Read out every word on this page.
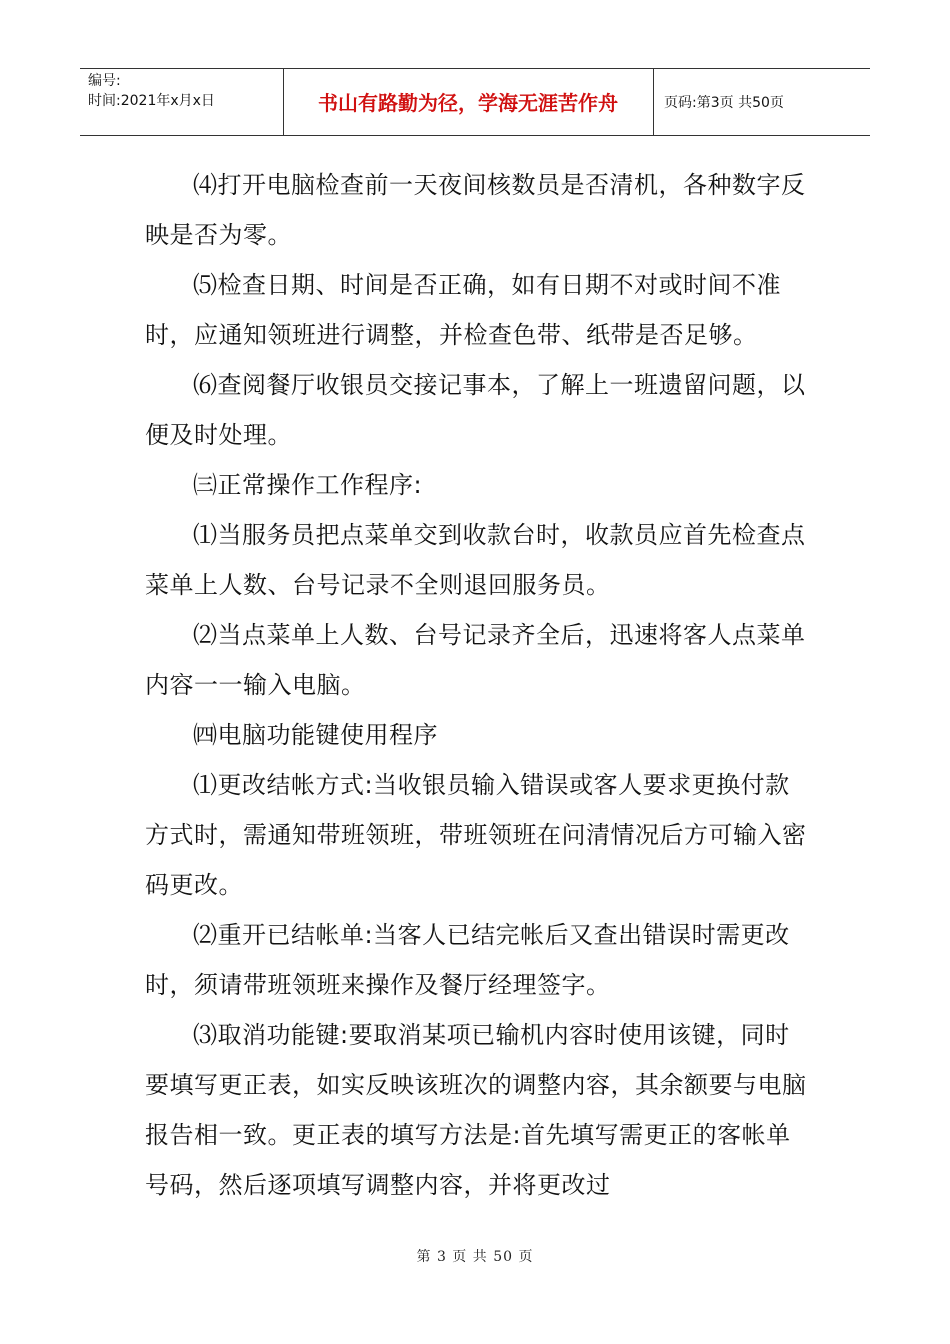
编号:
时间:2021年x月x日	书山有路勤为径，学海无涯苦作舟	页码:第3页 共50页

⑷打开电脑检查前一天夜间核数员是否清机，各种数字反映是否为零。

⑸检查日期、时间是否正确，如有日期不对或时间不准时，应通知领班进行调整，并检查色带、纸带是否足够。

⑹查阅餐厅收银员交接记事本，了解上一班遗留问题，以便及时处理。

㈢正常操作工作程序:

⑴当服务员把点菜单交到收款台时，收款员应首先检查点菜单上人数、台号记录不全则退回服务员。

⑵当点菜单上人数、台号记录齐全后，迅速将客人点菜单内容一一输入电脑。

㈣电脑功能键使用程序

⑴更改结帐方式:当收银员输入错误或客人要求更换付款方式时，需通知带班领班，带班领班在问清情况后方可输入密码更改。

⑵重开已结帐单:当客人已结完帐后又查出错误时需更改时，须请带班领班来操作及餐厅经理签字。

⑶取消功能键:要取消某项已输机内容时使用该键，同时要填写更正表，如实反映该班次的调整内容，其余额要与电脑报告相一致。更正表的填写方法是:首先填写需更正的客帐单号码，然后逐项填写调整内容，并将更改过

第 3 页 共 50 页
